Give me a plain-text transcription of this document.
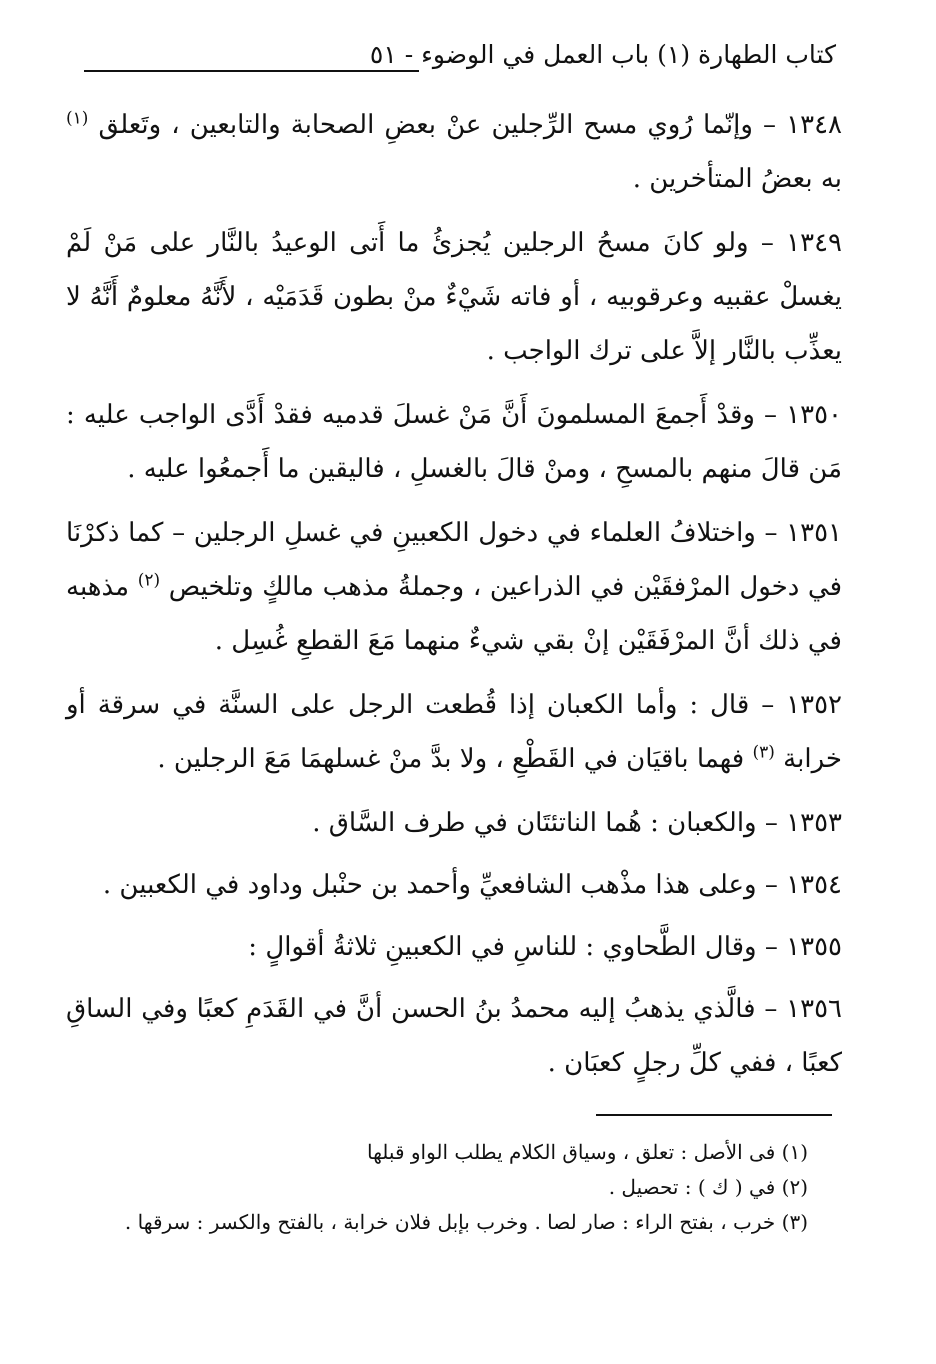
كتاب الطهارة (١) باب العمل في الوضوء - ٥١

١٣٤٨ – وإنّما رُوي مسح الرِّجلين عنْ بعضِ الصحابة والتابعين ، وتَعلق $^{(١)}$ به بعضُ المتأخرين .

١٣٤٩ – ولو كانَ مسحُ الرجلين يُجزئُ ما أَتى الوعيدُ بالنَّار على مَنْ لَمْ يغسلْ عقبيه وعرقوبيه ، أو فاته شَيْءٌ منْ بطون قَدَمَيْه ، لأَنَّهُ معلومٌ أَنَّهُ لا يعذِّب بالنَّار إلاَّ على ترك الواجب .

١٣٥٠ – وقدْ أَجمعَ المسلمونَ أَنَّ مَنْ غسلَ قدميه فقدْ أَدَّى الواجب عليه : مَن قالَ منهم بالمسحِ ، ومنْ قالَ بالغسلِ ، فاليقين ما أَجمعُوا عليه .

١٣٥١ – واختلافُ العلماء في دخول الكعبينِ في غسلِ الرجلين – كما ذكرْنَا في دخول المرْفقَيْن في الذراعين ، وجملةُ مذهب مالكٍ وتلخيص $^{(٢)}$ مذهبه في ذلك أنَّ المرْفَقَيْن إنْ بقي شيءٌ منهما مَعَ القطعِ غُسِل .

١٣٥٢ – قال : وأما الكعبان إذا قُطعت الرجل على السنَّة في سرقة أو خرابة $^{(٣)}$ فهما باقيَان في القَطْعِ ، ولا بدَّ منْ غسلهمَا مَعَ الرجلين .

١٣٥٣ – والكعبان : هُما الناتئتَان في طرف السَّاق .

١٣٥٤ – وعلى هذا مذْهب الشافعيِّ وأحمد بن حنْبل وداود في الكعبين .

١٣٥٥ – وقال الطَّحاوي : للناسِ في الكعبينِ ثلاثةُ أقوالٍ :

١٣٥٦ – فالَّذي يذهبُ إليه محمدُ بنُ الحسن أنَّ في القَدَمِ كعبًا وفي الساقِ كعبًا ، ففي كلِّ رجلٍ كعبَان .

(١) فى الأصل : تعلق ، وسياق الكلام يطلب الواو قبلها

(٢) في ( ك ) : تحصيل .

(٣) خرب ، بفتح الراء : صار لصا . وخرب بإبل فلان خرابة ، بالفتح والكسر : سرقها .
